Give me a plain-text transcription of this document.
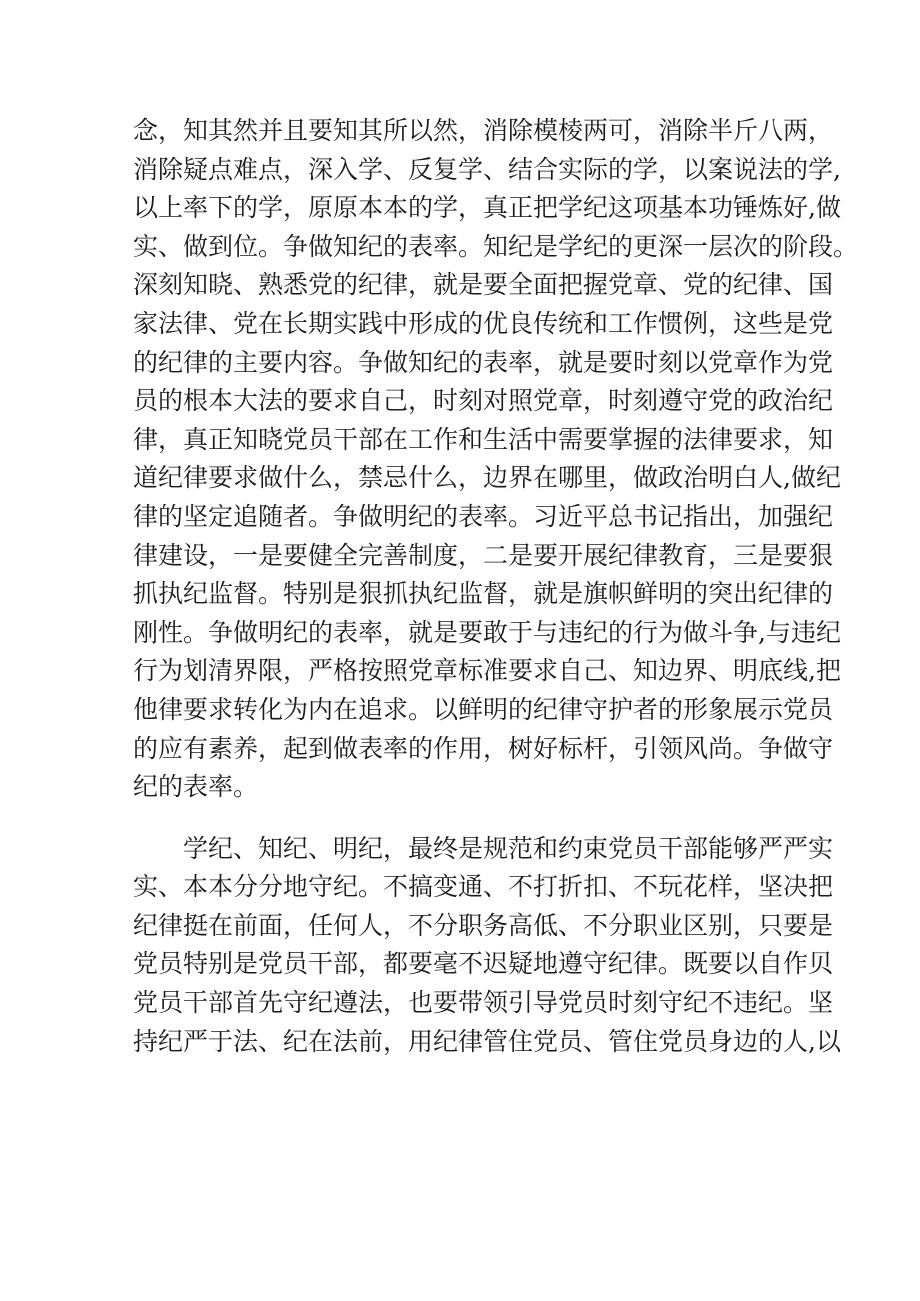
念，知其然并且要知其所以然，消除模棱两可，消除半斤八两，
消除疑点难点，深入学、反复学、结合实际的学，以案说法的学,
以上率下的学，原原本本的学，真正把学纪这项基本功锤炼好,做
实、做到位。争做知纪的表率。知纪是学纪的更深一层次的阶段。
深刻知晓、熟悉党的纪律，就是要全面把握党章、党的纪律、国
家法律、党在长期实践中形成的优良传统和工作惯例，这些是党
的纪律的主要内容。争做知纪的表率，就是要时刻以党章作为党
员的根本大法的要求自己，时刻对照党章，时刻遵守党的政治纪
律，真正知晓党员干部在工作和生活中需要掌握的法律要求，知
道纪律要求做什么，禁忌什么，边界在哪里，做政治明白人,做纪
律的坚定追随者。争做明纪的表率。习近平总书记指出，加强纪
律建设，一是要健全完善制度，二是要开展纪律教育，三是要狠
抓执纪监督。特别是狠抓执纪监督，就是旗帜鲜明的突出纪律的
刚性。争做明纪的表率，就是要敢于与违纪的行为做斗争,与违纪
行为划清界限，严格按照党章标准要求自己、知边界、明底线,把
他律要求转化为内在追求。以鲜明的纪律守护者的形象展示党员
的应有素养，起到做表率的作用，树好标杆，引领风尚。争做守
纪的表率。
学纪、知纪、明纪，最终是规范和约束党员干部能够严严实
实、本本分分地守纪。不搞变通、不打折扣、不玩花样，坚决把
纪律挺在前面，任何人，不分职务高低、不分职业区别，只要是
党员特别是党员干部，都要毫不迟疑地遵守纪律。既要以自作贝
党员干部首先守纪遵法，也要带领引导党员时刻守纪不违纪。坚
持纪严于法、纪在法前，用纪律管住党员、管住党员身边的人,以
